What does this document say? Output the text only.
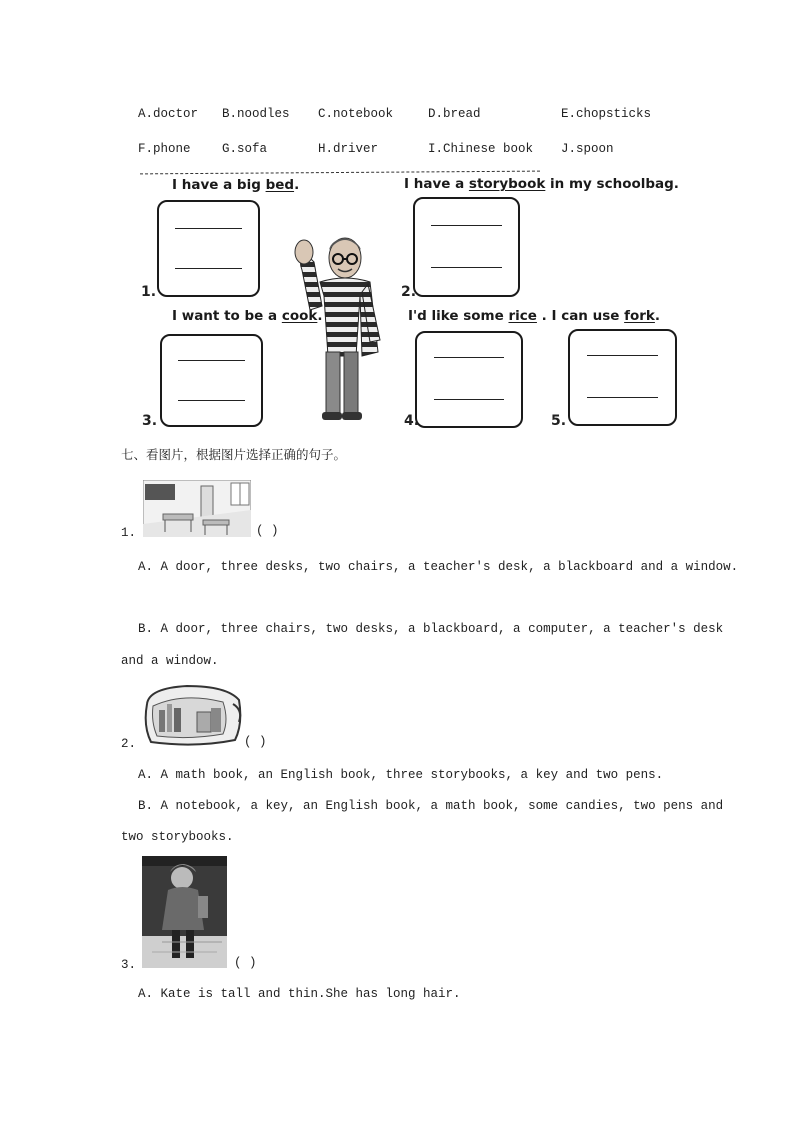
A.doctor B.noodles C.notebook	D.bread	E.chopsticks
F.phone	G.sofa	H.driver	I.Chinese book J.spoon
I have a big bed.	I have a storybook in my schoolbag.
I want to be a cook.	I'd like some rice . I can use fork.
1.	2.
3.	4.	5.
七、看图片，根据图片选择正确的句子。
1.	( )
A. A door, three desks, two chairs, a teacher's desk, a blackboard and a window.
B. A door, three chairs, two desks, a blackboard, a computer, a teacher's desk
and a window.
2.	( )
A. A math book, an English book, three storybooks, a key and two pens.
B. A notebook, a key, an English book, a math book, some candies, two pens and
two storybooks.
3.	( )
A. Kate is tall and thin.She has long hair.
